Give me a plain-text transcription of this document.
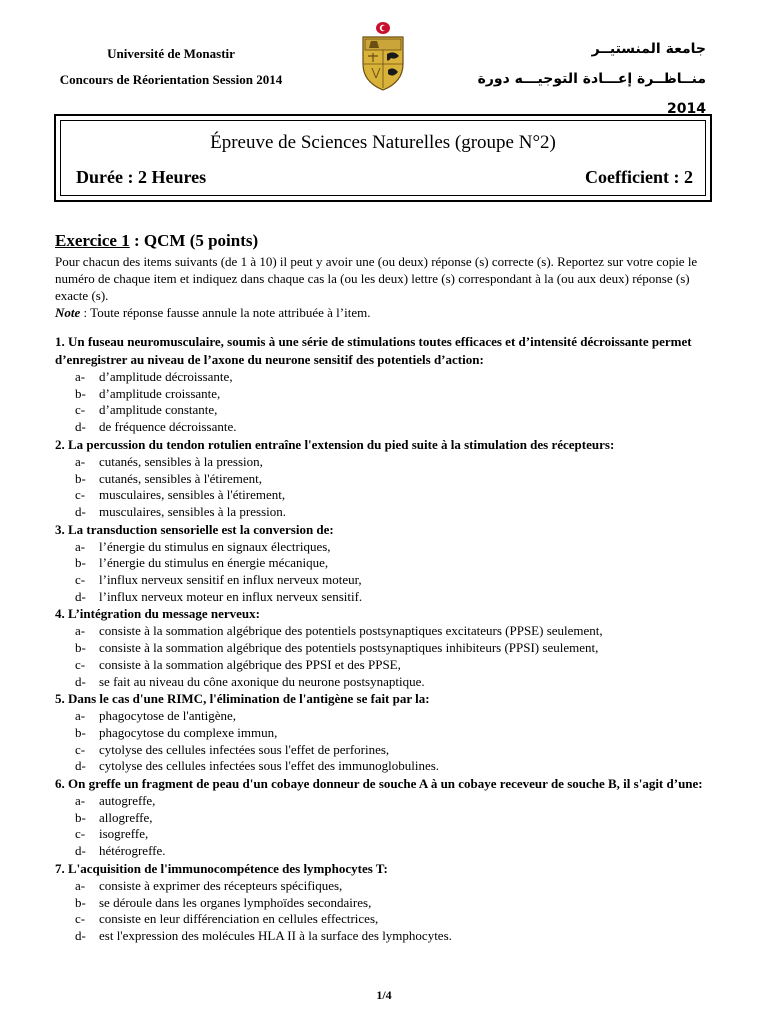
Université de Monastir
Concours de Réorientation Session 2014
جامعة المنستيــر
منــاظــرة إعـــادة التوجيـــه دورة 2014
Épreuve de Sciences Naturelles (groupe N°2)
Durée : 2 Heures	Coefficient : 2
Exercice 1 : QCM (5 points)
Pour chacun des items suivants (de 1 à 10) il peut y avoir une (ou deux) réponse (s) correcte (s). Reportez sur votre copie le numéro de chaque item et indiquez dans chaque cas la (ou les deux) lettre (s) correspondant à la (ou aux deux) réponse (s) exacte (s).
Note : Toute réponse fausse annule la note attribuée à l’item.
1. Un fuseau neuromusculaire, soumis à une série de stimulations toutes efficaces et d’intensité décroissante permet d’enregistrer au niveau de l’axone du neurone sensitif des potentiels d’action:
a-	d’amplitude décroissante,
b-	d’amplitude croissante,
c-	d’amplitude constante,
d-	de fréquence décroissante.
2. La percussion du tendon rotulien entraîne l'extension du pied suite à la stimulation des récepteurs:
a-	cutanés, sensibles à la pression,
b-	cutanés, sensibles à l'étirement,
c-	musculaires, sensibles à l'étirement,
d-	musculaires, sensibles à la pression.
3. La transduction sensorielle est la conversion de:
a-	l’énergie du stimulus en signaux électriques,
b-	l’énergie du stimulus en énergie mécanique,
c-	l’influx nerveux sensitif en influx nerveux moteur,
d-	l’influx nerveux moteur en influx nerveux sensitif.
4. L’intégration du message nerveux:
a-	consiste à la sommation algébrique des potentiels postsynaptiques excitateurs (PPSE) seulement,
b-	consiste à la sommation algébrique des potentiels postsynaptiques inhibiteurs (PPSI) seulement,
c-	consiste à la sommation algébrique des PPSI et des PPSE,
d-	se fait au niveau du cône axonique du neurone postsynaptique.
5. Dans le cas d'une RIMC, l'élimination de l'antigène se fait par la:
a-	phagocytose de l'antigène,
b-	phagocytose du complexe immun,
c-	cytolyse des cellules infectées sous l'effet de perforines,
d-	cytolyse des cellules infectées sous l'effet des immunoglobulines.
6. On greffe un fragment de peau d'un cobaye donneur de souche A à un cobaye receveur de souche B, il s'agit d’une:
a-	autogreffe,
b-	allogreffe,
c-	isogreffe,
d-	hétérogreffe.
7. L'acquisition de l'immunocompétence des lymphocytes T:
a-	consiste à exprimer des récepteurs spécifiques,
b-	se déroule dans les organes lymphoïdes secondaires,
c-	consiste en leur différenciation en cellules effectrices,
d-	est l'expression des molécules HLA II à la surface des lymphocytes.
1/4
